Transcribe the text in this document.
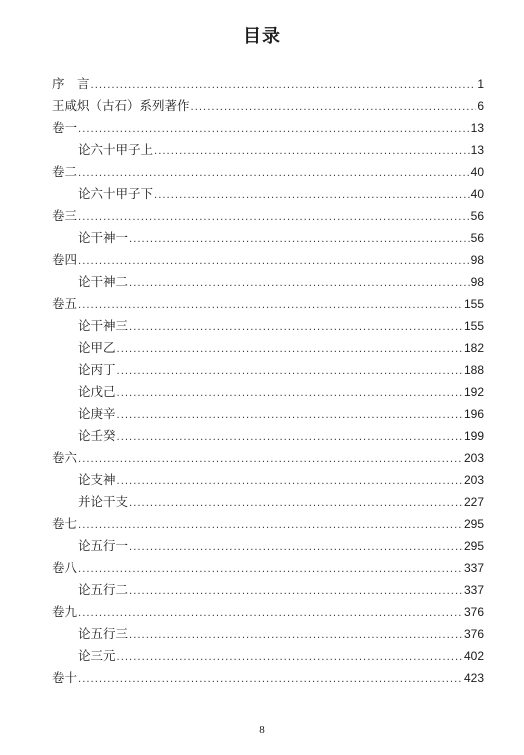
目录
序　言 .....	1
王咸炽（古石）系列著作 .....	6
卷一 .....	13
论六十甲子上 .....	13
卷二 .....	40
论六十甲子下 .....	40
卷三 .....	56
论干神一 .....	56
卷四 .....	98
论干神二 .....	98
卷五 .....	155
论干神三 .....	155
论甲乙 .....	182
论丙丁 .....	188
论戊己 .....	192
论庚辛 .....	196
论壬癸 .....	199
卷六 .....	203
论支神 .....	203
并论干支 .....	227
卷七 .....	295
论五行一 .....	295
卷八 .....	337
论五行二 .....	337
卷九 .....	376
论五行三 .....	376
论三元 .....	402
卷十 .....	423
8
